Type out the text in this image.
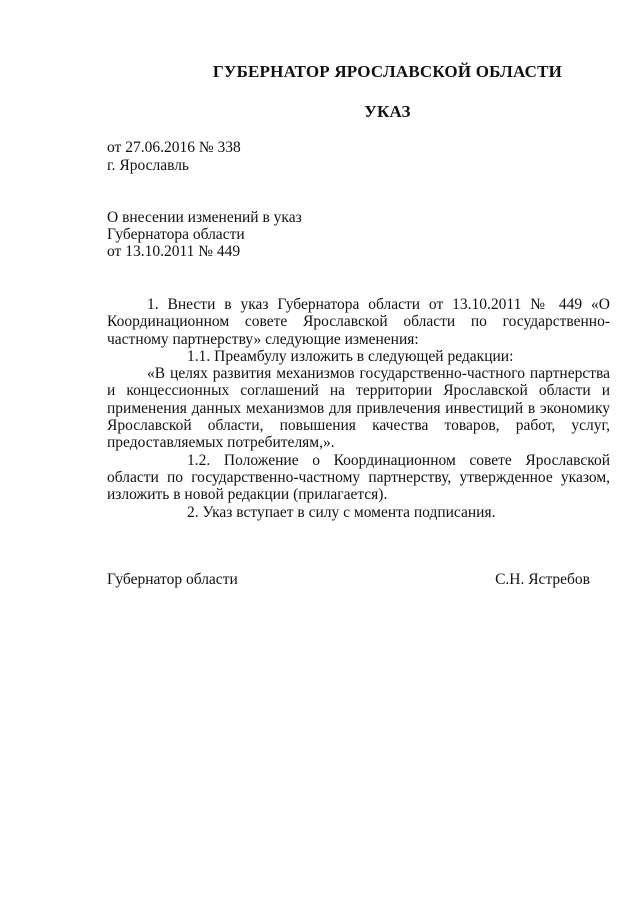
ГУБЕРНАТОР ЯРОСЛАВСКОЙ ОБЛАСТИ
УКАЗ
от 27.06.2016 № 338
г. Ярославль
О внесении изменений в указ
Губернатора области
от 13.10.2011 № 449

1. Внести в указ Губернатора области от 13.10.2011 № 449 «О Координационном совете Ярославской области по государственно-частному партнерству» следующие изменения:

1.1. Преамбулу изложить в следующей редакции:

«В целях развития механизмов государственно-частного партнерства и концессионных соглашений на территории Ярославской области и применения данных механизмов для привлечения инвестиций в экономику Ярославской области, повышения качества товаров, работ, услуг, предоставляемых потребителям,».

1.2. Положение о Координационном совете Ярославской области по государственно-частному партнерству, утвержденное указом, изложить в новой редакции (прилагается).

2. Указ вступает в силу с момента подписания.

Губернатор области	С.Н. Ястребов
